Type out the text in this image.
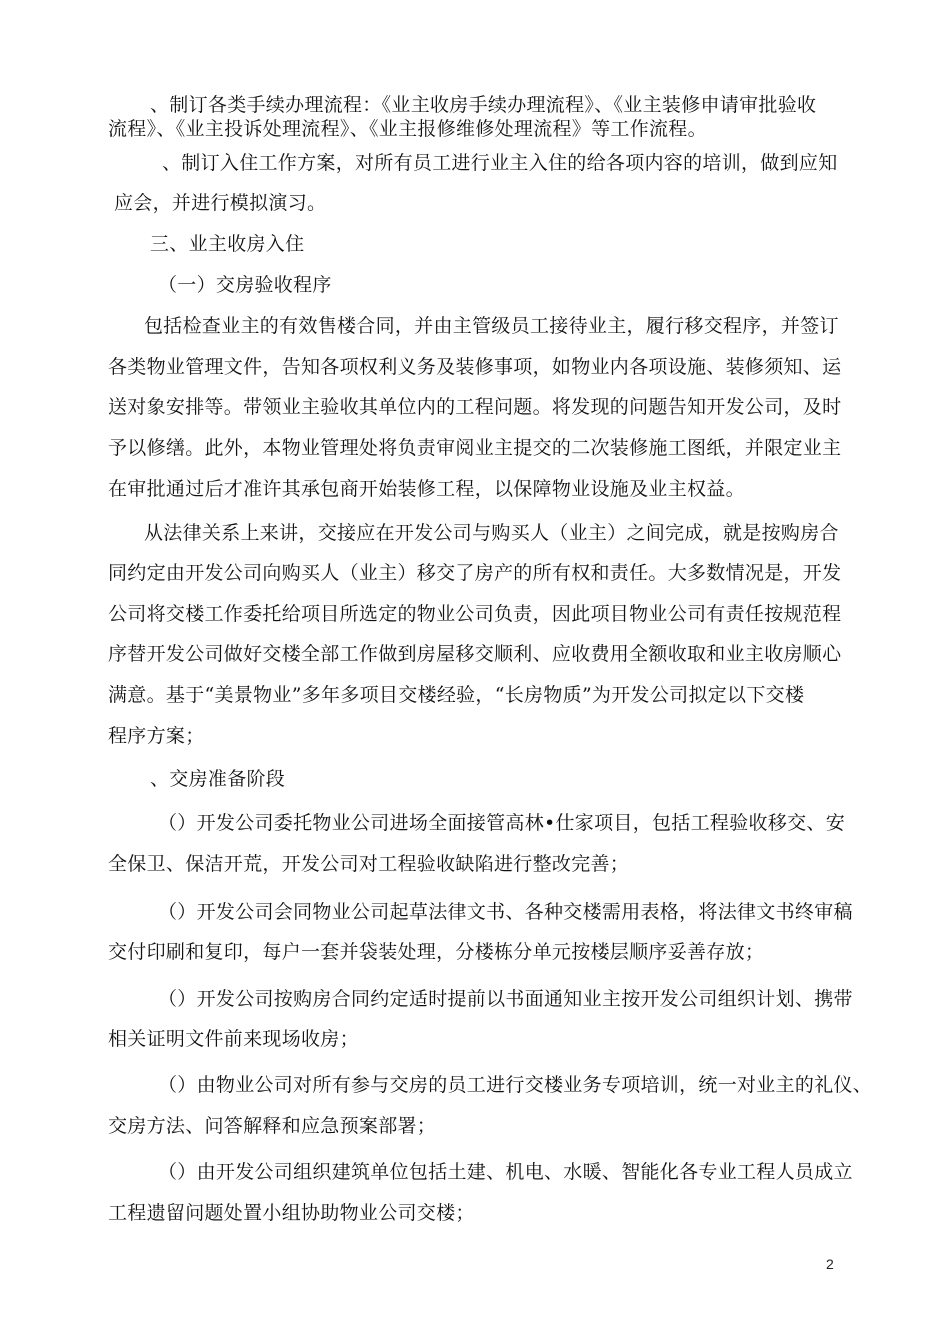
、制订各类手续办理流程：《业主收房手续办理流程》、《业主装修申请审批验收
流程》、《业主投诉处理流程》、《业主报修维修处理流程》等工作流程。
、制订入住工作方案，对所有员工进行业主入住的给各项内容的培训，做到应知
应会，并进行模拟演习。
三、业主收房入住
（一）交房验收程序
包括检查业主的有效售楼合同，并由主管级员工接待业主，履行移交程序，并签订
各类物业管理文件，告知各项权利义务及装修事项，如物业内各项设施、装修须知、运
送对象安排等。带领业主验收其单位内的工程问题。将发现的问题告知开发公司，及时
予以修缮。此外，本物业管理处将负责审阅业主提交的二次装修施工图纸，并限定业主
在审批通过后才准许其承包商开始装修工程，以保障物业设施及业主权益。
从法律关系上来讲，交接应在开发公司与购买人（业主）之间完成，就是按购房合
同约定由开发公司向购买人（业主）移交了房产的所有权和责任。大多数情况是，开发
公司将交楼工作委托给项目所选定的物业公司负责，因此项目物业公司有责任按规范程
序替开发公司做好交楼全部工作做到房屋移交顺利、应收费用全额收取和业主收房顺心
满意。基于“美景物业”多年多项目交楼经验，“长房物质”为开发公司拟定以下交楼
程序方案；
、交房准备阶段
（）开发公司委托物业公司进场全面接管高林•仕家项目，包括工程验收移交、安
全保卫、保洁开荒，开发公司对工程验收缺陷进行整改完善；
（）开发公司会同物业公司起草法律文书、各种交楼需用表格，将法律文书终审稿
交付印刷和复印，每户一套并袋装处理，分楼栋分单元按楼层顺序妥善存放；
（）开发公司按购房合同约定适时提前以书面通知业主按开发公司组织计划、携带
相关证明文件前来现场收房；
（）由物业公司对所有参与交房的员工进行交楼业务专项培训，统一对业主的礼仪、
交房方法、问答解释和应急预案部署；
（）由开发公司组织建筑单位包括土建、机电、水暖、智能化各专业工程人员成立
工程遗留问题处置小组协助物业公司交楼；
2
